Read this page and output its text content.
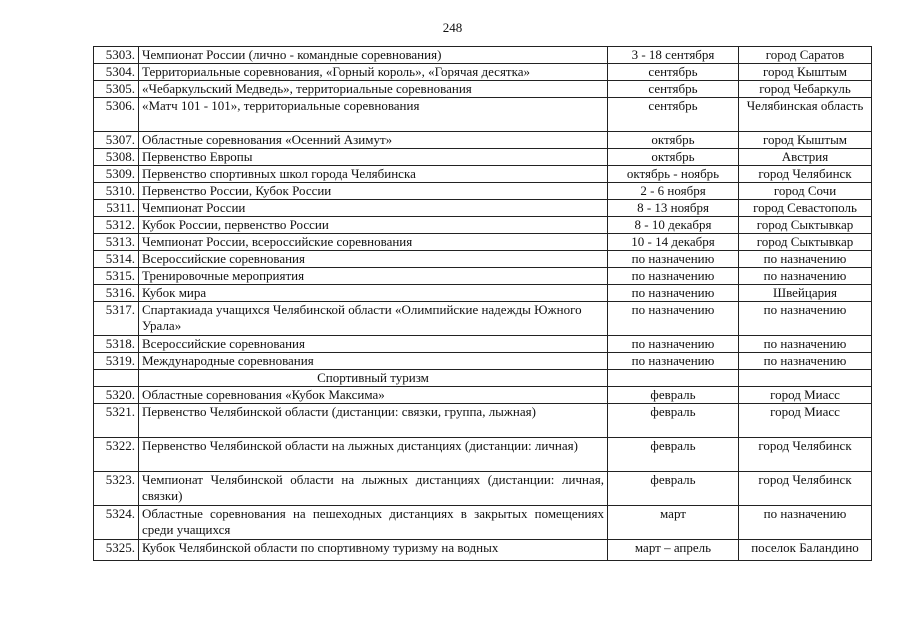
248
5303.	Чемпионат России (лично - командные соревнования)	3 - 18 сентября	город Саратов
5304.	Территориальные соревнования, «Горный король», «Горячая десятка»	сентябрь	город Кыштым
5305.	«Чебаркульский Медведь», территориальные соревнования	сентябрь	город Чебаркуль
5306.	«Матч 101 - 101», территориальные соревнования	сентябрь	Челябинская область
5307.	Областные соревнования «Осенний Азимут»	октябрь	город Кыштым
5308.	Первенство Европы	октябрь	Австрия
5309.	Первенство спортивных школ города Челябинска	октябрь - ноябрь	город Челябинск
5310.	Первенство России, Кубок России	2 - 6 ноября	город Сочи
5311.	Чемпионат России	8 - 13 ноября	город Севастополь
5312.	Кубок России, первенство России	8 - 10 декабря	город Сыктывкар
5313.	Чемпионат России, всероссийские соревнования	10 - 14 декабря	город Сыктывкар
5314.	Всероссийские соревнования	по назначению	по назначению
5315.	Тренировочные мероприятия	по назначению	по назначению
5316.	Кубок мира	по назначению	Швейцария
5317.	Спартакиада учащихся Челябинской области «Олимпийские надежды Южного Урала»	по назначению	по назначению
5318.	Всероссийские соревнования	по назначению	по назначению
5319.	Международные соревнования	по назначению	по назначению
	Спортивный туризм		
5320.	Областные соревнования «Кубок Максима»	февраль	город Миасс
5321.	Первенство Челябинской области (дистанции: связки, группа, лыжная)	февраль	город Миасс
5322.	Первенство Челябинской области на лыжных дистанциях (дистанции: личная)	февраль	город Челябинск
5323.	Чемпионат Челябинской области на лыжных дистанциях (дистанции: личная, связки)	февраль	город Челябинск
5324.	Областные соревнования на пешеходных дистанциях в закрытых помещениях среди учащихся	март	по назначению
5325.	Кубок Челябинской области по спортивному туризму на водных	март – апрель	поселок Баландино
